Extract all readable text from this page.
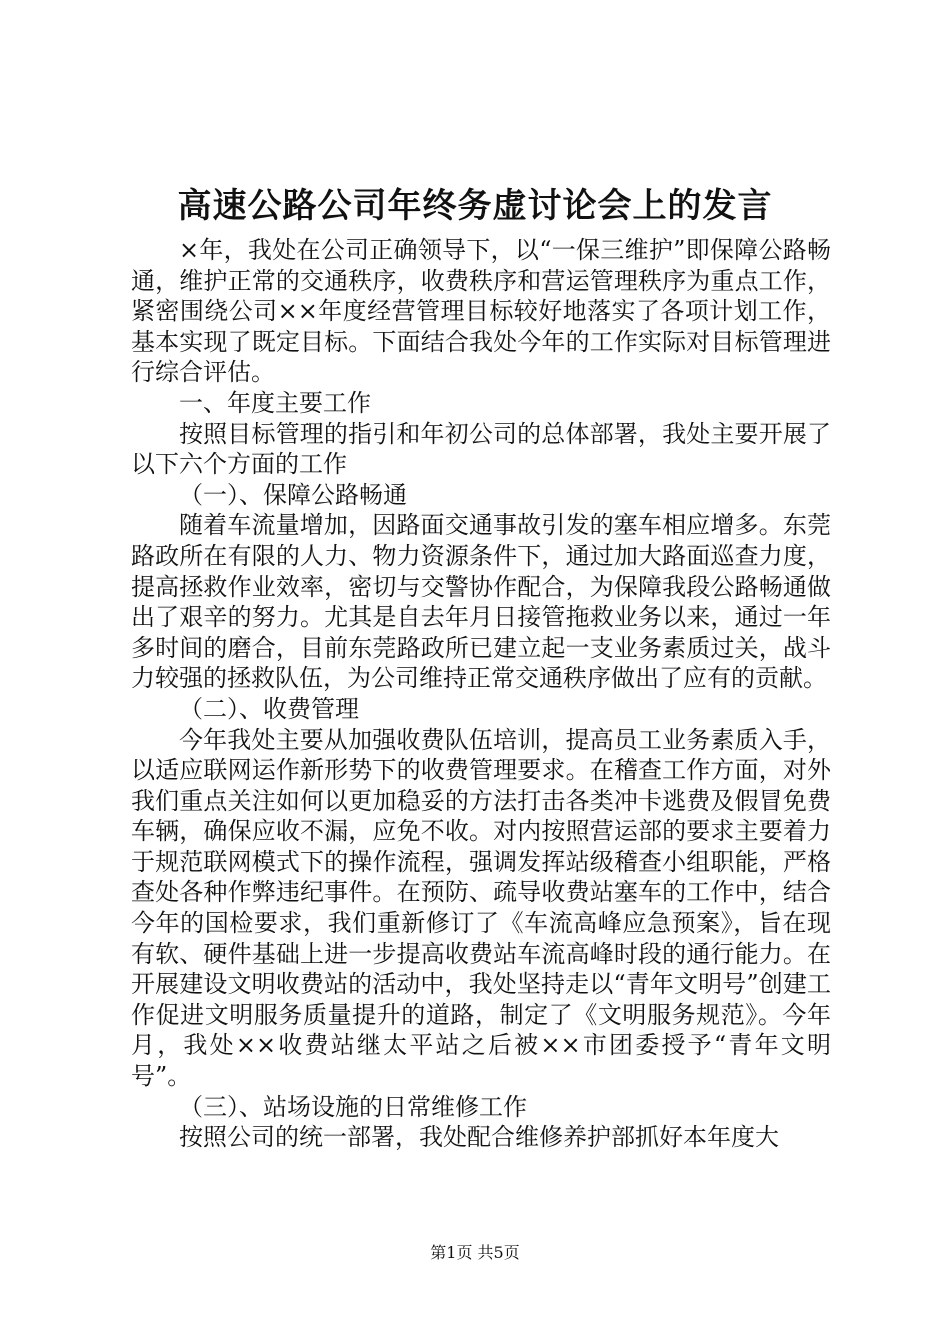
高速公路公司年终务虚讨论会上的发言

×年，我处在公司正确领导下，以“一保三维护”即保障公路畅通，维护正常的交通秩序，收费秩序和营运管理秩序为重点工作，紧密围绕公司××年度经营管理目标较好地落实了各项计划工作，基本实现了既定目标。下面结合我处今年的工作实际对目标管理进行综合评估。

一、年度主要工作

按照目标管理的指引和年初公司的总体部署，我处主要开展了以下六个方面的工作

（一）、保障公路畅通

随着车流量增加，因路面交通事故引发的塞车相应增多。东莞路政所在有限的人力、物力资源条件下，通过加大路面巡查力度，提高拯救作业效率，密切与交警协作配合，为保障我段公路畅通做出了艰辛的努力。尤其是自去年月日接管拖救业务以来，通过一年多时间的磨合，目前东莞路政所已建立起一支业务素质过关，战斗力较强的拯救队伍，为公司维持正常交通秩序做出了应有的贡献。

（二）、收费管理

今年我处主要从加强收费队伍培训，提高员工业务素质入手，以适应联网运作新形势下的收费管理要求。在稽查工作方面，对外我们重点关注如何以更加稳妥的方法打击各类冲卡逃费及假冒免费车辆，确保应收不漏，应免不收。对内按照营运部的要求主要着力于规范联网模式下的操作流程，强调发挥站级稽查小组职能，严格查处各种作弊违纪事件。在预防、疏导收费站塞车的工作中，结合今年的国检要求，我们重新修订了《车流高峰应急预案》，旨在现有软、硬件基础上进一步提高收费站车流高峰时段的通行能力。在开展建设文明收费站的活动中，我处坚持走以“青年文明号”创建工作促进文明服务质量提升的道路，制定了《文明服务规范》。今年月，我处××收费站继太平站之后被××市团委授予“青年文明号”。

（三）、站场设施的日常维修工作

按照公司的统一部署，我处配合维修养护部抓好本年度大

第1页 共5页
